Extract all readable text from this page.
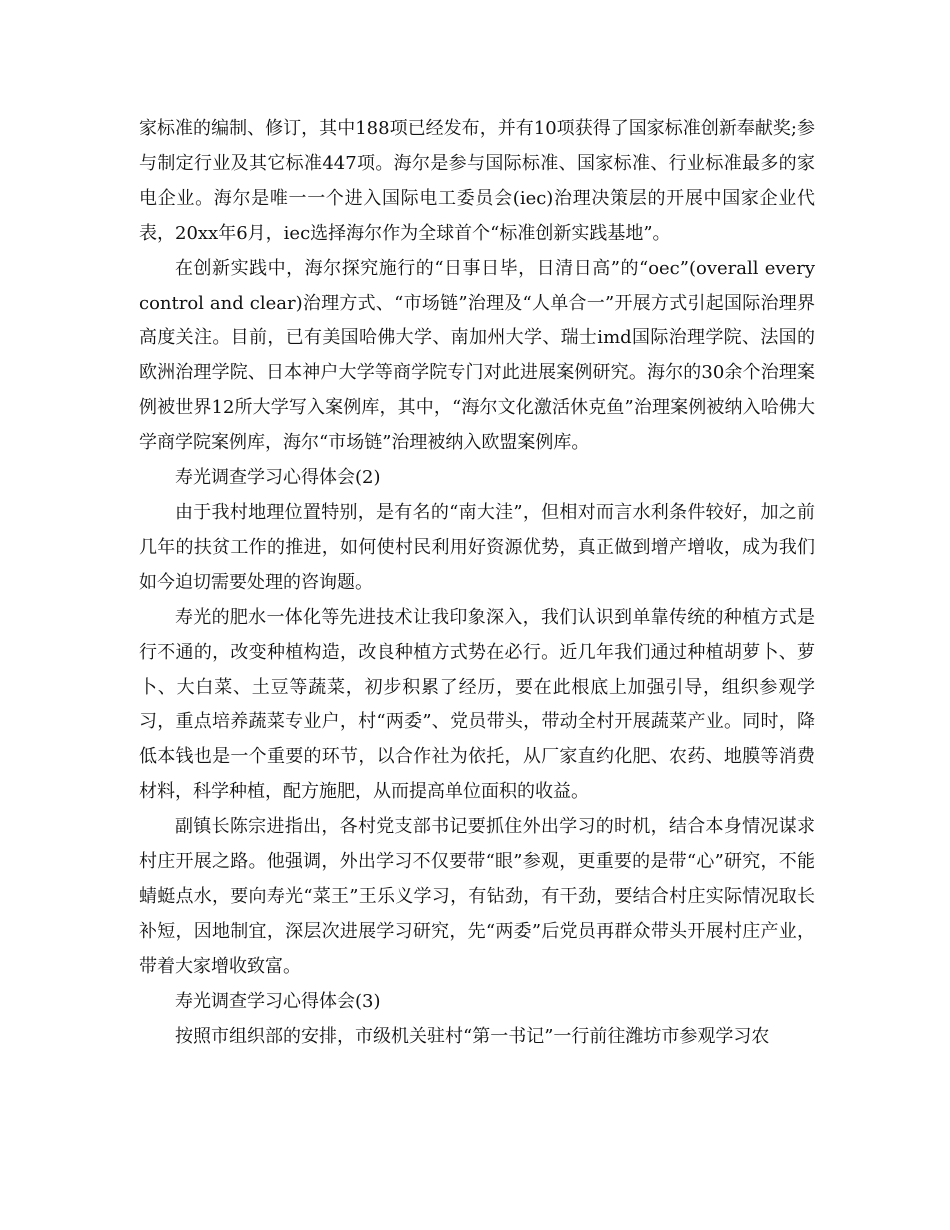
家标准的编制、修订，其中188项已经发布，并有10项获得了国家标准创新奉献奖;参与制定行业及其它标准447项。海尔是参与国际标准、国家标准、行业标准最多的家电企业。海尔是唯一一个进入国际电工委员会(iec)治理决策层的开展中国家企业代表，20xx年6月，iec选择海尔作为全球首个“标准创新实践基地”。

在创新实践中，海尔探究施行的“日事日毕，日清日高”的“oec”(overall every control and clear)治理方式、“市场链”治理及“人单合一”开展方式引起国际治理界高度关注。目前，已有美国哈佛大学、南加州大学、瑞士imd国际治理学院、法国的欧洲治理学院、日本神户大学等商学院专门对此进展案例研究。海尔的30余个治理案例被世界12所大学写入案例库，其中，“海尔文化激活休克鱼”治理案例被纳入哈佛大学商学院案例库，海尔“市场链”治理被纳入欧盟案例库。

寿光调查学习心得体会(2)

由于我村地理位置特别，是有名的“南大洼”，但相对而言水利条件较好，加之前几年的扶贫工作的推进，如何使村民利用好资源优势，真正做到增产增收，成为我们如今迫切需要处理的咨询题。

寿光的肥水一体化等先进技术让我印象深入，我们认识到单靠传统的种植方式是行不通的，改变种植构造，改良种植方式势在必行。近几年我们通过种植胡萝卜、萝卜、大白菜、土豆等蔬菜，初步积累了经历，要在此根底上加强引导，组织参观学习，重点培养蔬菜专业户，村“两委”、党员带头，带动全村开展蔬菜产业。同时，降低本钱也是一个重要的环节，以合作社为依托，从厂家直约化肥、农药、地膜等消费材料，科学种植，配方施肥，从而提高单位面积的收益。

副镇长陈宗进指出，各村党支部书记要抓住外出学习的时机，结合本身情况谋求村庄开展之路。他强调，外出学习不仅要带“眼”参观，更重要的是带“心”研究，不能蜻蜓点水，要向寿光“菜王”王乐义学习，有钻劲，有干劲，要结合村庄实际情况取长补短，因地制宜，深层次进展学习研究，先“两委”后党员再群众带头开展村庄产业，带着大家增收致富。

寿光调查学习心得体会(3)

按照市组织部的安排，市级机关驻村“第一书记”一行前往潍坊市参观学习农
